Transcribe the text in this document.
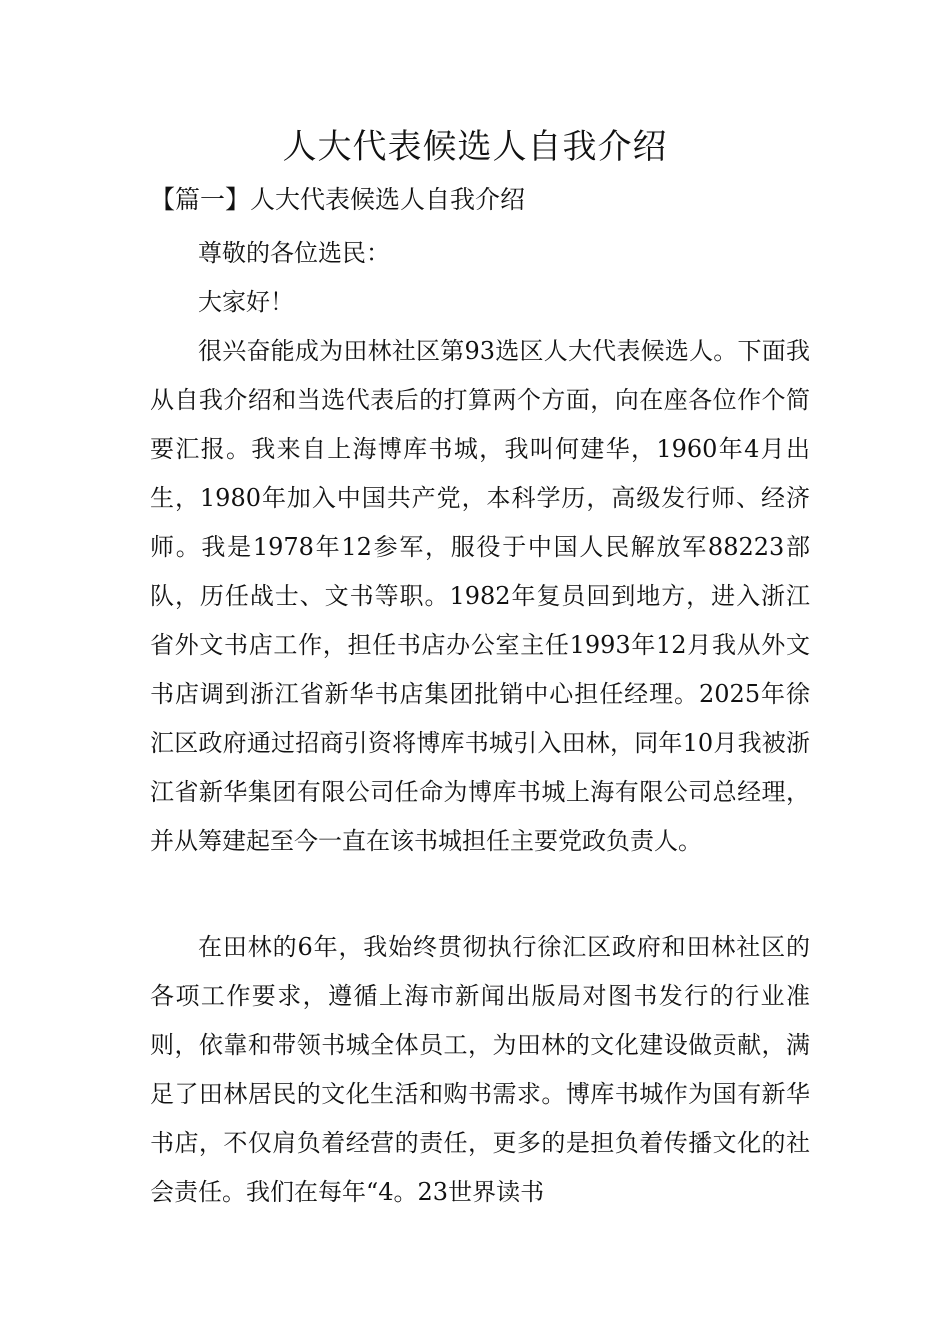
人大代表候选人自我介绍

【篇一】人大代表候选人自我介绍

尊敬的各位选民：

大家好！

很兴奋能成为田林社区第93选区人大代表候选人。下面我从自我介绍和当选代表后的打算两个方面，向在座各位作个简要汇报。我来自上海博库书城，我叫何建华，1960年4月出生，1980年加入中国共产党，本科学历，高级发行师、经济师。我是1978年12参军，服役于中国人民解放军88223部队，历任战士、文书等职。1982年复员回到地方，进入浙江省外文书店工作，担任书店办公室主任1993年12月我从外文书店调到浙江省新华书店集团批销中心担任经理。2025年徐汇区政府通过招商引资将博库书城引入田林，同年10月我被浙江省新华集团有限公司任命为博库书城上海有限公司总经理，并从筹建起至今一直在该书城担任主要党政负责人。

在田林的6年，我始终贯彻执行徐汇区政府和田林社区的各项工作要求，遵循上海市新闻出版局对图书发行的行业准则，依靠和带领书城全体员工，为田林的文化建设做贡献，满足了田林居民的文化生活和购书需求。博库书城作为国有新华书店，不仅肩负着经营的责任，更多的是担负着传播文化的社会责任。我们在每年“4。23世界读书
